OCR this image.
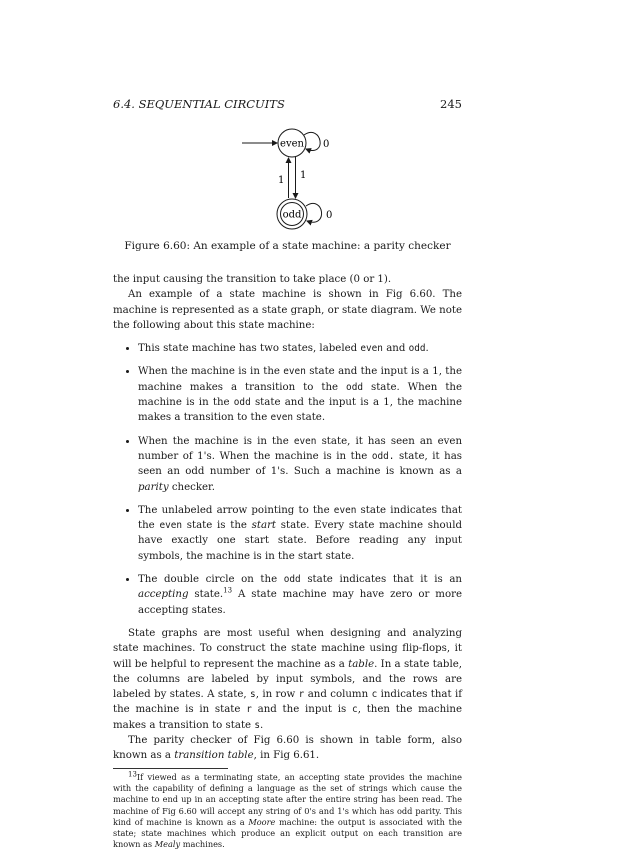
6.4. SEQUENTIAL CIRCUITS	245
even 0
1 1
odd 0
Figure 6.60: An example of a state machine: a parity checker

the input causing the transition to take place (0 or 1).

An example of a state machine is shown in Fig 6.60. The machine is represented as a state graph, or state diagram. We note the following about this state machine:

• This state machine has two states, labeled even and odd.
• When the machine is in the even state and the input is a 1, the machine makes a transition to the odd state. When the machine is in the odd state and the input is a 1, the machine makes a transition to the even state.
• When the machine is in the even state, it has seen an even number of 1's. When the machine is in the odd. state, it has seen an odd number of 1's. Such a machine is known as a parity checker.
• The unlabeled arrow pointing to the even state indicates that the even state is the start state. Every state machine should have exactly one start state. Before reading any input symbols, the machine is in the start state.
• The double circle on the odd state indicates that it is an accepting state.$^{13}$ A state machine may have zero or more accepting states.

State graphs are most useful when designing and analyzing state machines. To construct the state machine using flip-flops, it will be helpful to represent the machine as a table. In a state table, the columns are labeled by input symbols, and the rows are labeled by states. A state, s, in row r and column c indicates that if the machine is in state r and the input is c, then the machine makes a transition to state s.

The parity checker of Fig 6.60 is shown in table form, also known as a transition table, in Fig 6.61.

$^{13}$If viewed as a terminating state, an accepting state provides the machine with the capability of defining a language as the set of strings which cause the machine to end up in an accepting state after the entire string has been read. The machine of Fig 6.60 will accept any string of 0's and 1's which has odd parity. This kind of machine is known as a Moore machine: the output is associated with the state; state machines which produce an explicit output on each transition are known as Mealy machines.
